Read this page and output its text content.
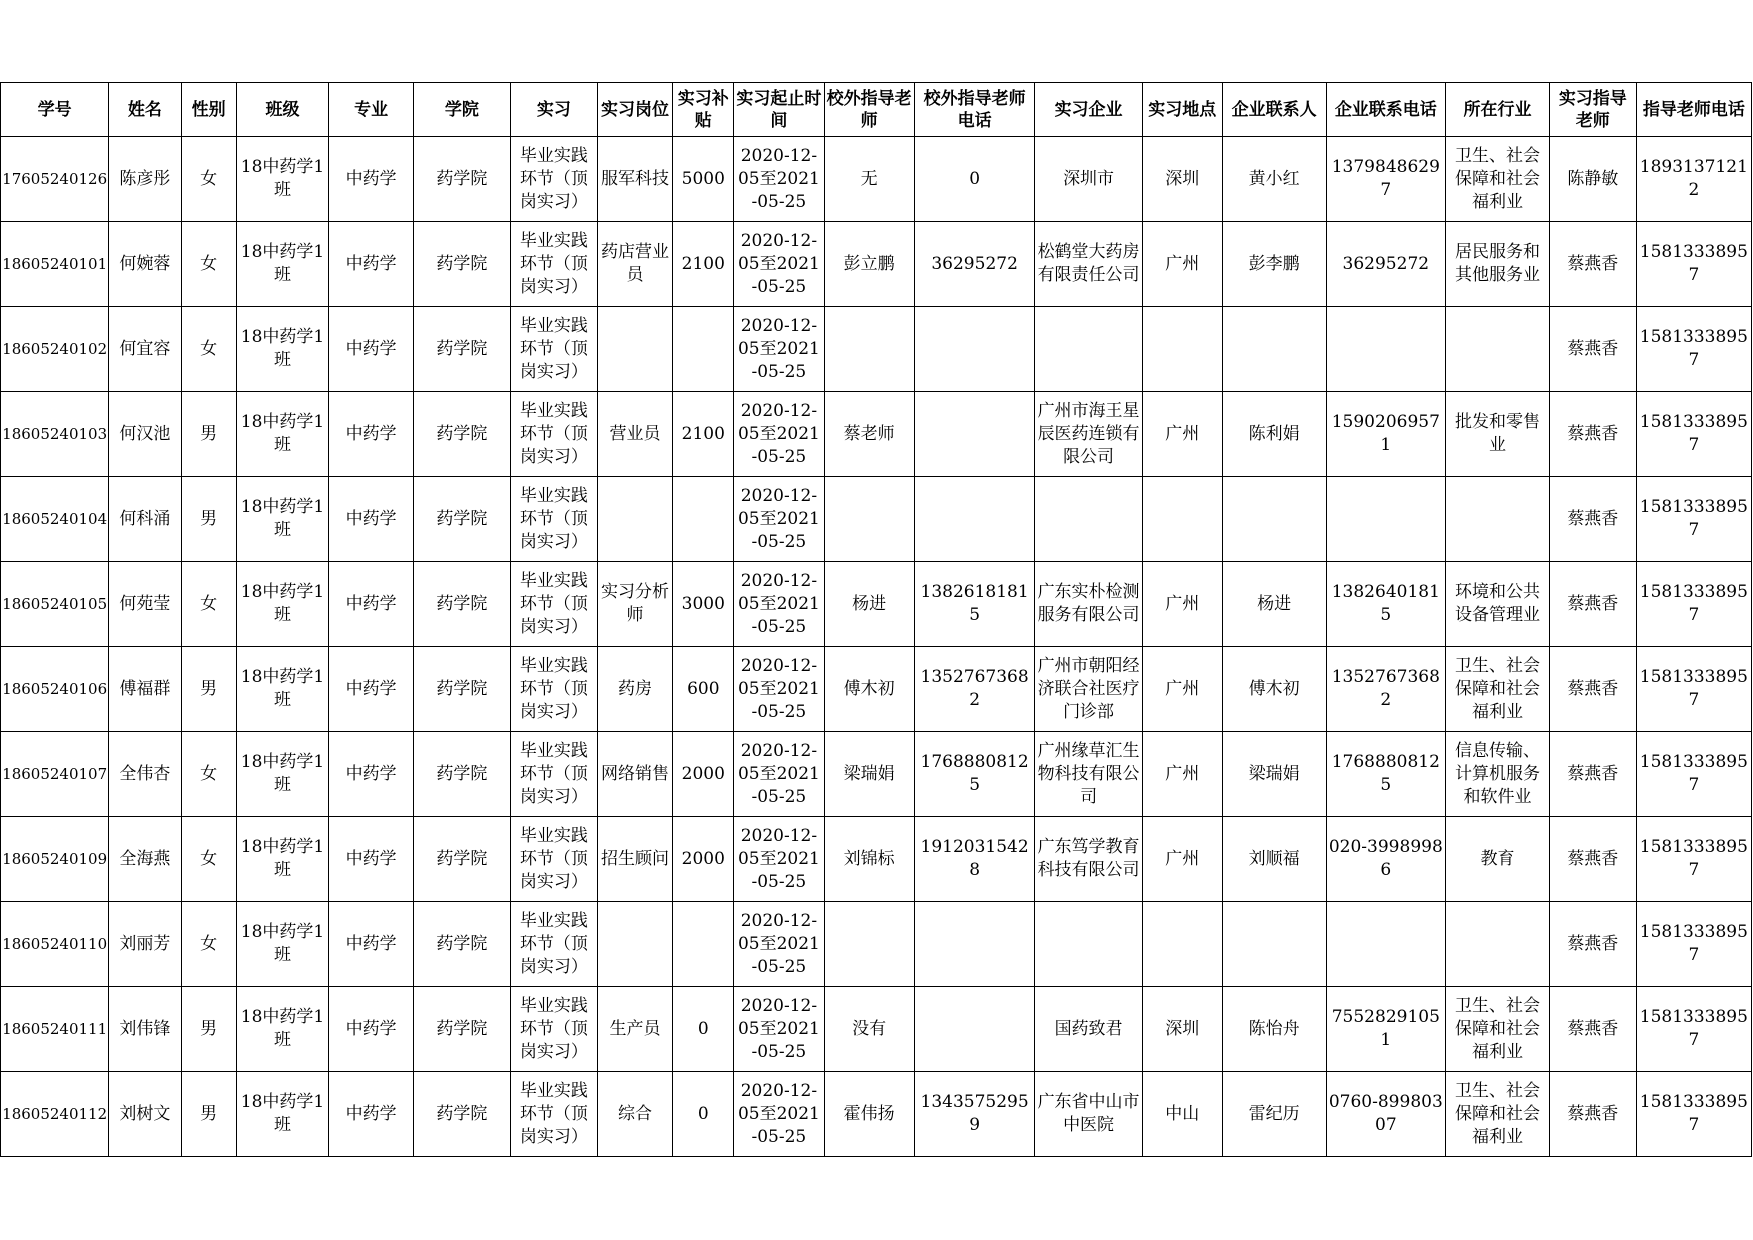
学号	姓名	性别	班级	专业	学院	实习	实习岗位	实习补贴	实习起止时间	校外指导老师	校外指导老师电话	实习企业	实习地点	企业联系人	企业联系电话	所在行业	实习指导老师	指导老师电话

17605240126	陈彦彤	女	18中药学1班	中药学	药学院	毕业实践环节（顶岗实习）	服军科技	5000	2020-12-05至2021-05-25	无	0	深圳市	深圳	黄小红	13798486297	卫生、社会保障和社会福利业	陈静敏	18931371212

18605240101	何婉蓉	女	18中药学1班	中药学	药学院	毕业实践环节（顶岗实习）	药店营业员	2100	2020-12-05至2021-05-25	彭立鹏	36295272	松鹤堂大药房有限责任公司	广州	彭李鹏	36295272	居民服务和其他服务业	蔡燕香	15813338957

18605240102	何宜容	女	18中药学1班	中药学	药学院	毕业实践环节（顶岗实习）			2020-12-05至2021-05-25								蔡燕香	15813338957

18605240103	何汉池	男	18中药学1班	中药学	药学院	毕业实践环节（顶岗实习）	营业员	2100	2020-12-05至2021-05-25	蔡老师		广州市海王星辰医药连锁有限公司	广州	陈利娟	15902069571	批发和零售业	蔡燕香	15813338957

18605240104	何科涌	男	18中药学1班	中药学	药学院	毕业实践环节（顶岗实习）			2020-12-05至2021-05-25								蔡燕香	15813338957

18605240105	何苑莹	女	18中药学1班	中药学	药学院	毕业实践环节（顶岗实习）	实习分析师	3000	2020-12-05至2021-05-25	杨进	13826181815	广东实朴检测服务有限公司	广州	杨进	13826401815	环境和公共设备管理业	蔡燕香	15813338957

18605240106	傅福群	男	18中药学1班	中药学	药学院	毕业实践环节（顶岗实习）	药房	600	2020-12-05至2021-05-25	傅木初	13527673682	广州市朝阳经济联合社医疗门诊部	广州	傅木初	13527673682	卫生、社会保障和社会福利业	蔡燕香	15813338957

18605240107	全伟杏	女	18中药学1班	中药学	药学院	毕业实践环节（顶岗实习）	网络销售	2000	2020-12-05至2021-05-25	梁瑞娟	17688808125	广州缘草汇生物科技有限公司	广州	梁瑞娟	17688808125	信息传输、计算机服务和软件业	蔡燕香	15813338957

18605240109	全海燕	女	18中药学1班	中药学	药学院	毕业实践环节（顶岗实习）	招生顾问	2000	2020-12-05至2021-05-25	刘锦标	19120315428	广东笃学教育科技有限公司	广州	刘顺福	020-39989986	教育	蔡燕香	15813338957

18605240110	刘丽芳	女	18中药学1班	中药学	药学院	毕业实践环节（顶岗实习）			2020-12-05至2021-05-25								蔡燕香	15813338957

18605240111	刘伟锋	男	18中药学1班	中药学	药学院	毕业实践环节（顶岗实习）	生产员	0	2020-12-05至2021-05-25	没有		国药致君	深圳	陈怡舟	75528291051	卫生、社会保障和社会福利业	蔡燕香	15813338957

18605240112	刘树文	男	18中药学1班	中药学	药学院	毕业实践环节（顶岗实习）	综合	0	2020-12-05至2021-05-25	霍伟扬	13435752959	广东省中山市中医院	中山	雷纪历	0760-89980307	卫生、社会保障和社会福利业	蔡燕香	15813338957
